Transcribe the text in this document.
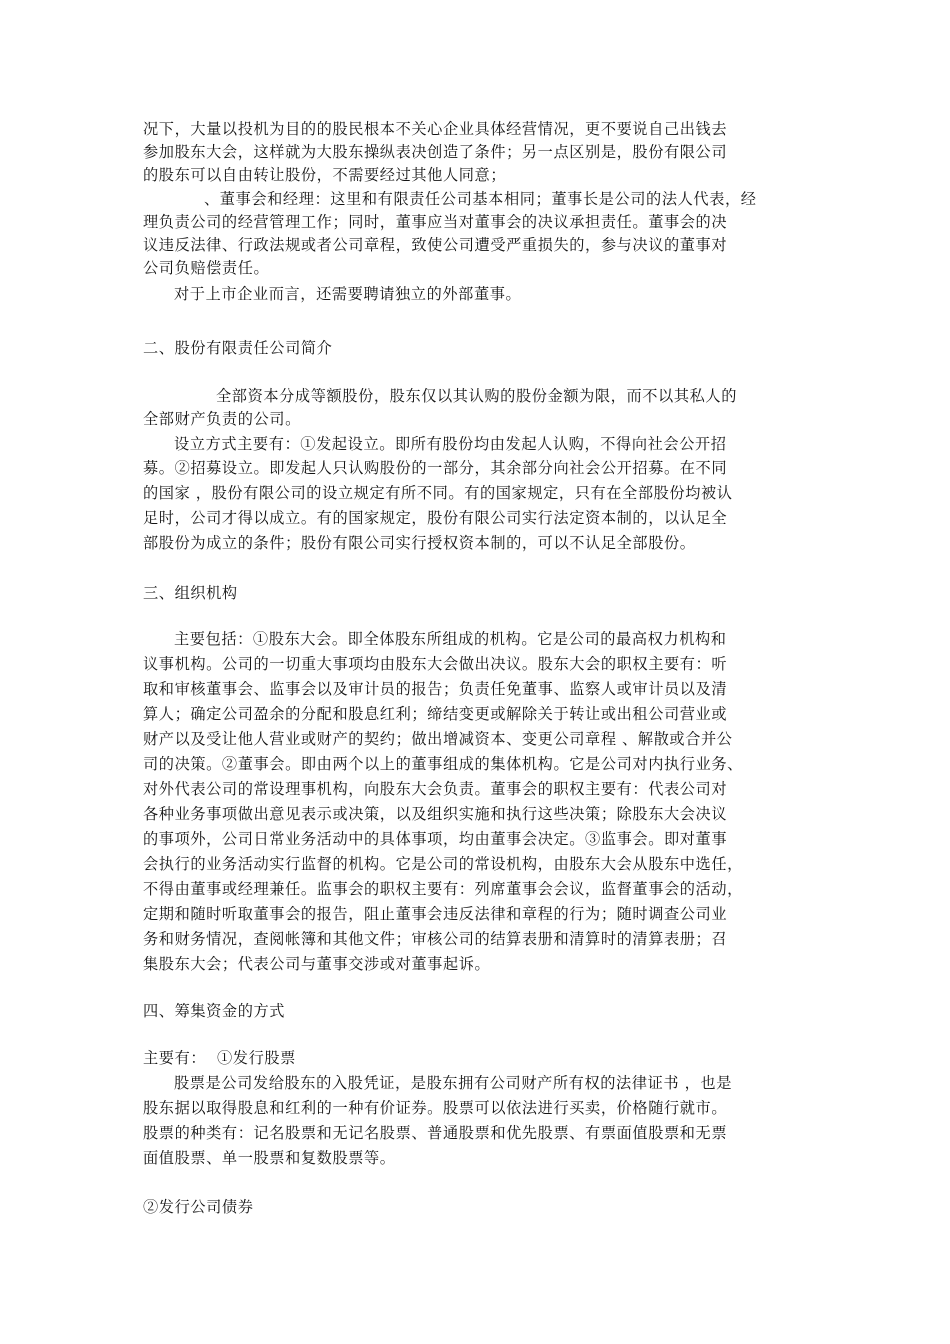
况下，大量以投机为目的的股民根本不关心企业具体经营情况，更不要说自己出钱去
参加股东大会，这样就为大股东操纵表决创造了条件；另一点区别是，股份有限公司
的股东可以自由转让股份，不需要经过其他人同意；
、董事会和经理：这里和有限责任公司基本相同；董事长是公司的法人代表，经
理负责公司的经营管理工作；同时，董事应当对董事会的决议承担责任。董事会的决
议违反法律、行政法规或者公司章程，致使公司遭受严重损失的，参与决议的董事对
公司负赔偿责任。
对于上市企业而言，还需要聘请独立的外部董事。
二、股份有限责任公司简介
全部资本分成等额股份，股东仅以其认购的股份金额为限，而不以其私人的
全部财产负责的公司。
设立方式主要有：①发起设立。即所有股份均由发起人认购，不得向社会公开招
募。②招募设立。即发起人只认购股份的一部分，其余部分向社会公开招募。在不同
的国家 ，股份有限公司的设立规定有所不同。有的国家规定，只有在全部股份均被认
足时，公司才得以成立。有的国家规定，股份有限公司实行法定资本制的，以认足全
部股份为成立的条件；股份有限公司实行授权资本制的，可以不认足全部股份。
三、组织机构
主要包括：①股东大会。即全体股东所组成的机构。它是公司的最高权力机构和
议事机构。公司的一切重大事项均由股东大会做出决议。股东大会的职权主要有：听
取和审核董事会、监事会以及审计员的报告；负责任免董事、监察人或审计员以及清
算人；确定公司盈余的分配和股息红利；缔结变更或解除关于转让或出租公司营业或
财产以及受让他人营业或财产的契约；做出增减资本、变更公司章程 、解散或合并公
司的决策。②董事会。即由两个以上的董事组成的集体机构。它是公司对内执行业务、
对外代表公司的常设理事机构，向股东大会负责。董事会的职权主要有：代表公司对
各种业务事项做出意见表示或决策，以及组织实施和执行这些决策；除股东大会决议
的事项外，公司日常业务活动中的具体事项，均由董事会决定。③监事会。即对董事
会执行的业务活动实行监督的机构。它是公司的常设机构，由股东大会从股东中选任，
不得由董事或经理兼任。监事会的职权主要有：列席董事会会议，监督董事会的活动，
定期和随时听取董事会的报告，阻止董事会违反法律和章程的行为；随时调查公司业
务和财务情况，查阅帐簿和其他文件；审核公司的结算表册和清算时的清算表册；召
集股东大会；代表公司与董事交涉或对董事起诉。
四、筹集资金的方式
主要有：  ①发行股票
股票是公司发给股东的入股凭证，是股东拥有公司财产所有权的法律证书 ，也是
股东据以取得股息和红利的一种有价证券。股票可以依法进行买卖，价格随行就市。
股票的种类有：记名股票和无记名股票、普通股票和优先股票、有票面值股票和无票
面值股票、单一股票和复数股票等。
②发行公司债券
